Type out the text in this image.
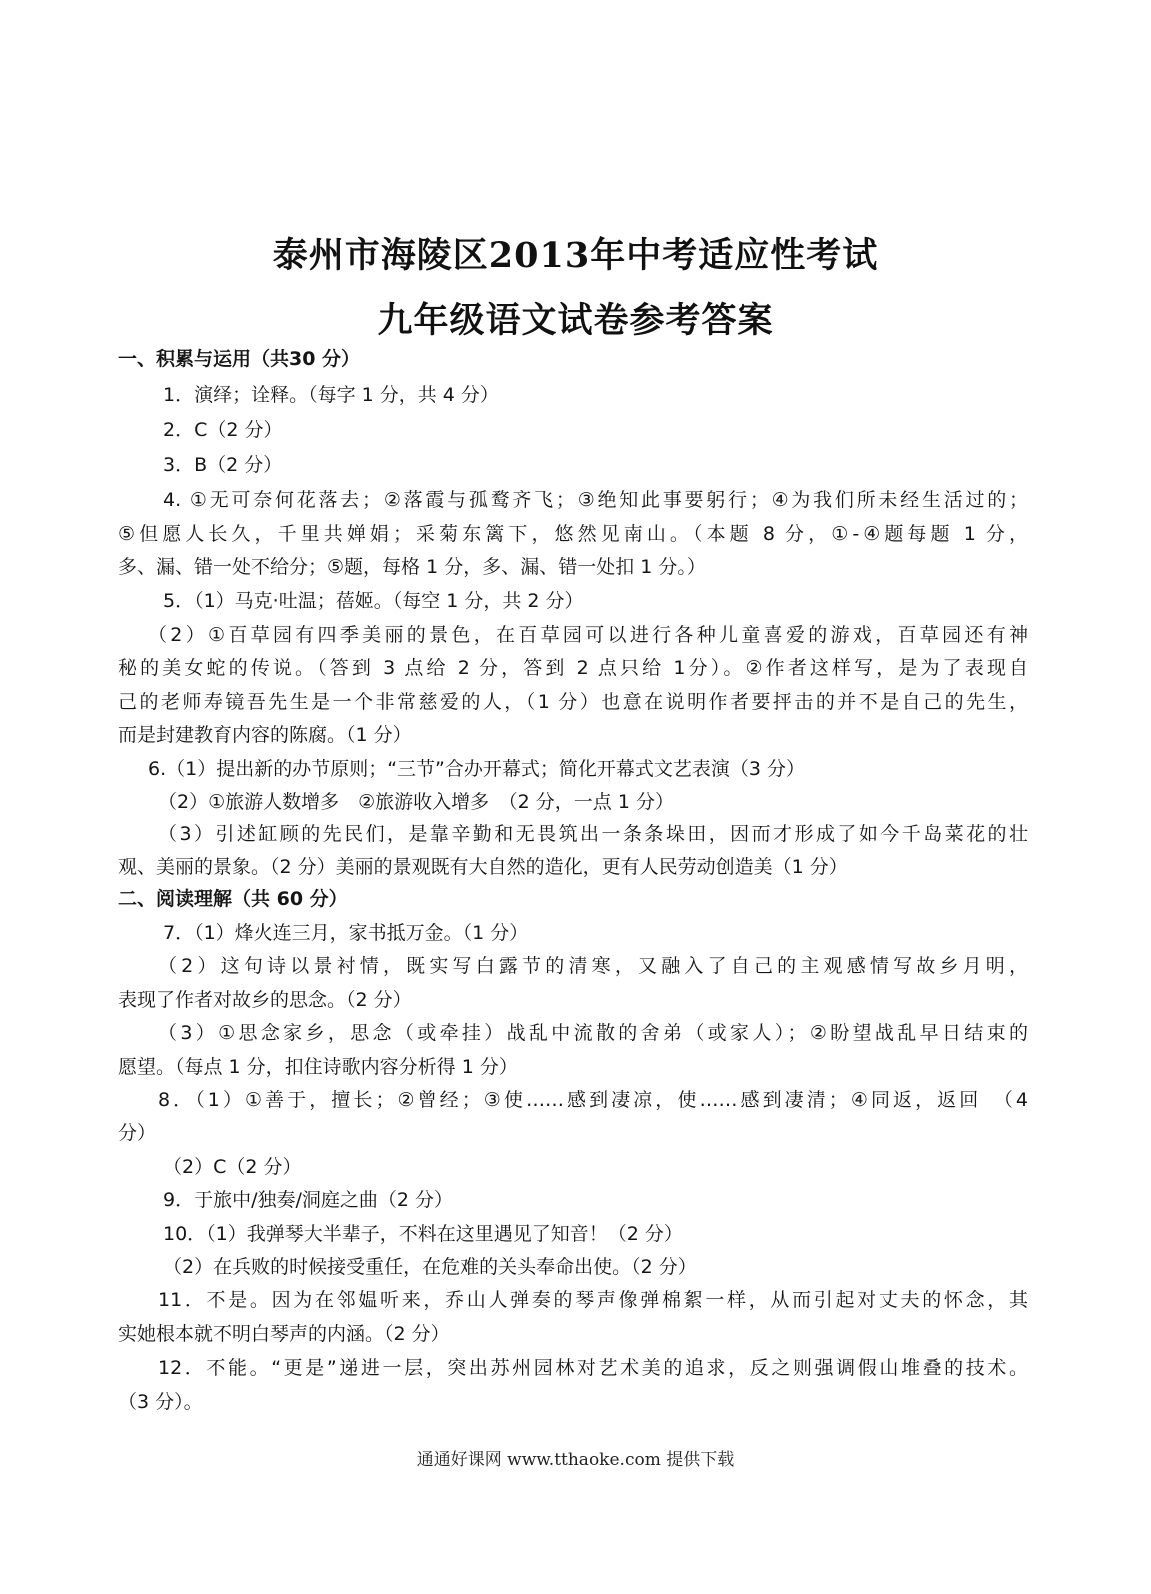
泰州市海陵区2013年中考适应性考试
九年级语文试卷参考答案
一、积累与运用（共30 分）
1．演绎；诠释。（每字 1 分，共 4 分）
2．C（2 分）
3．B（2 分）
4. ①无可奈何花落去；②落霞与孤鹜齐飞；③绝知此事要躬行；④为我们所未经生活过的；
⑤但愿人长久，千里共婵娟；采菊东篱下，悠然见南山。（本题 8 分，①-④题每题 1 分，
多、漏、错一处不给分；⑤题，每格 1 分，多、漏、错一处扣 1 分。）
5．（1）马克·吐温；蓓姬。（每空 1 分，共 2 分）
（2）①百草园有四季美丽的景色，在百草园可以进行各种儿童喜爱的游戏，百草园还有神
秘的美女蛇的传说。（答到 3 点给 2 分，答到 2 点只给 1分）。②作者这样写，是为了表现自
己的老师寿镜吾先生是一个非常慈爱的人，（1 分）也意在说明作者要抨击的并不是自己的先生，
而是封建教育内容的陈腐。（1 分）
6.（1）提出新的办节原则；“三节”合办开幕式；简化开幕式文艺表演（3 分）
（2）①旅游人数增多　②旅游收入增多　（2 分，一点 1 分）
（3）引述缸顾的先民们，是靠辛勤和无畏筑出一条条垛田，因而才形成了如今千岛菜花的壮
观、美丽的景象。（2 分）美丽的景观既有大自然的造化，更有人民劳动创造美（1 分）
二、阅读理解（共 60 分）
7．（1）烽火连三月，家书抵万金。（1 分）
（2）这句诗以景衬情，既实写白露节的清寒，又融入了自己的主观感情写故乡月明，
表现了作者对故乡的思念。（2 分）
（3）①思念家乡，思念（或牵挂）战乱中流散的舍弟（或家人）；②盼望战乱早日结束的
愿望。（每点 1 分，扣住诗歌内容分析得 1 分）
8．（1）①善于，擅长；②曾经；③使……感到凄凉，使……感到凄清；④同返，返回　（4
分）
（2）C（2 分）
9．于旅中/独奏/洞庭之曲（2 分）
10．（1）我弹琴大半辈子，不料在这里遇见了知音！（2 分）
（2）在兵败的时候接受重任，在危难的关头奉命出使。（2 分）
11．不是。因为在邻媪听来，乔山人弹奏的琴声像弹棉絮一样，从而引起对丈夫的怀念，其
实她根本就不明白琴声的内涵。（2 分）
12．不能。“更是”递进一层，突出苏州园林对艺术美的追求，反之则强调假山堆叠的技术。
（3 分）。
通通好课网 www.tthaoke.com 提供下载
